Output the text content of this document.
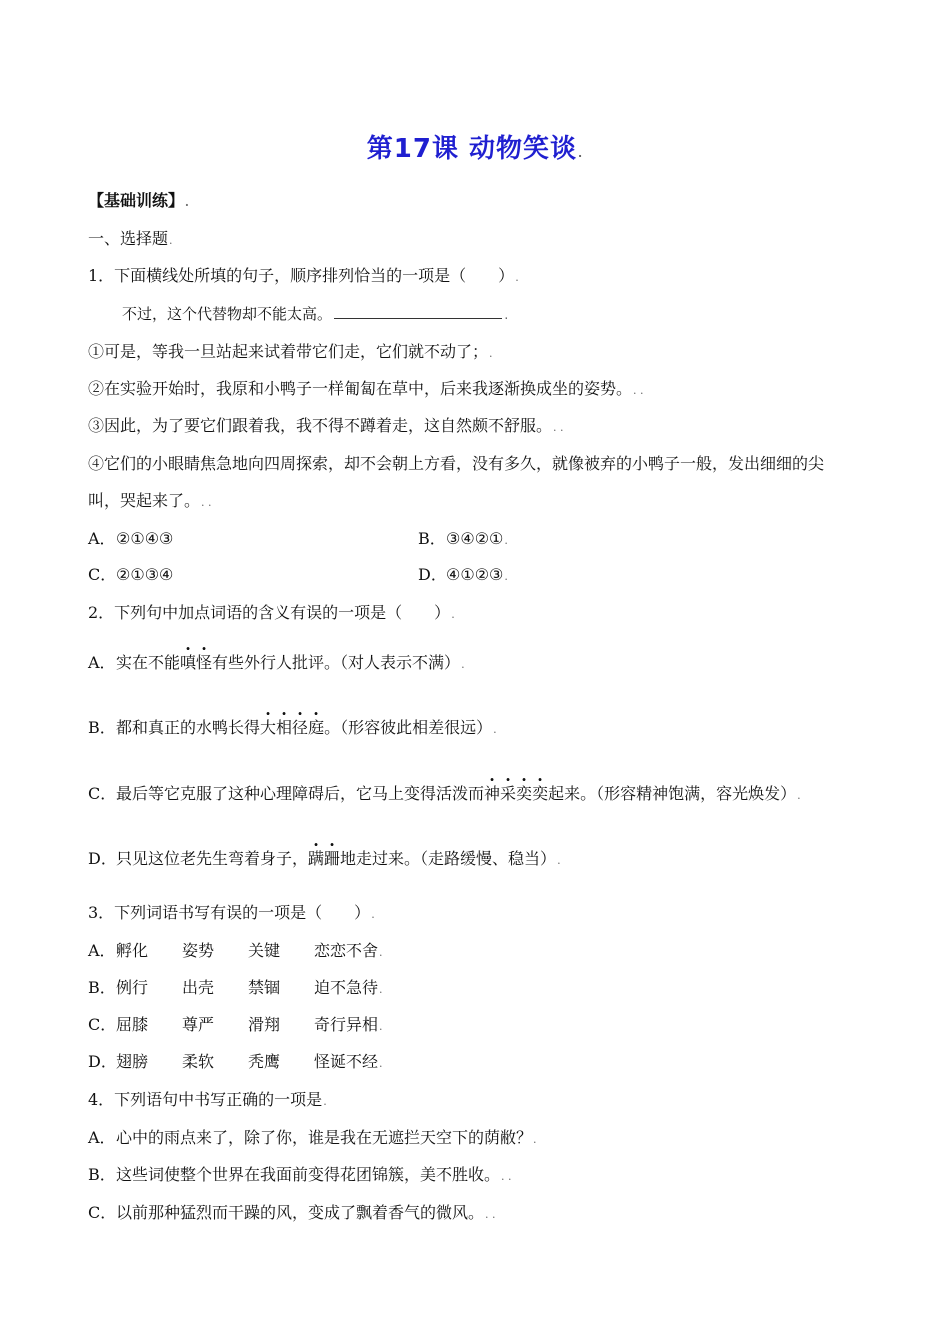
第17课 动物笑谈.
【基础训练】.
一、选择题.
1．下面横线处所填的句子，顺序排列恰当的一项是（　　）.
不过，这个代替物却不能太高。	.
①可是，等我一旦站起来试着带它们走，它们就不动了；.
②在实验开始时，我原和小鸭子一样匍匐在草中，后来我逐渐换成坐的姿势。. .
③因此，为了要它们跟着我，我不得不蹲着走，这自然颇不舒服。. .
④它们的小眼睛焦急地向四周探索，却不会朝上方看，没有多久，就像被弃的小鸭子一般，发出细细的尖
叫，哭起来了。. .
A．②①④③	B．③④②①.
C．②①③④	D．④①②③.
2．下列句中加点词语的含义有误的一项是（　　）.
A．实在不能嗔怪有些外行人批评。（对人表示不满）.
B．都和真正的水鸭长得大相径庭。（形容彼此相差很远）.
C．最后等它克服了这种心理障碍后，它马上变得活泼而神采奕奕起来。（形容精神饱满，容光焕发）.
D．只见这位老先生弯着身子，蹒跚地走过来。（走路缓慢、稳当）.
3．下列词语书写有误的一项是（　　）.
A．孵化 姿势 关键 恋恋不舍.
B．例行 出壳 禁锢 迫不急待.
C．屈膝 尊严 滑翔 奇行异相.
D．翅膀 柔软 秃鹰 怪诞不经.
4．下列语句中书写正确的一项是.
A．心中的雨点来了，除了你，谁是我在无遮拦天空下的荫敝？.
B．这些词使整个世界在我面前变得花团锦簇，美不胜收。. .
C．以前那种猛烈而干躁的风，变成了飘着香气的微风。. .
